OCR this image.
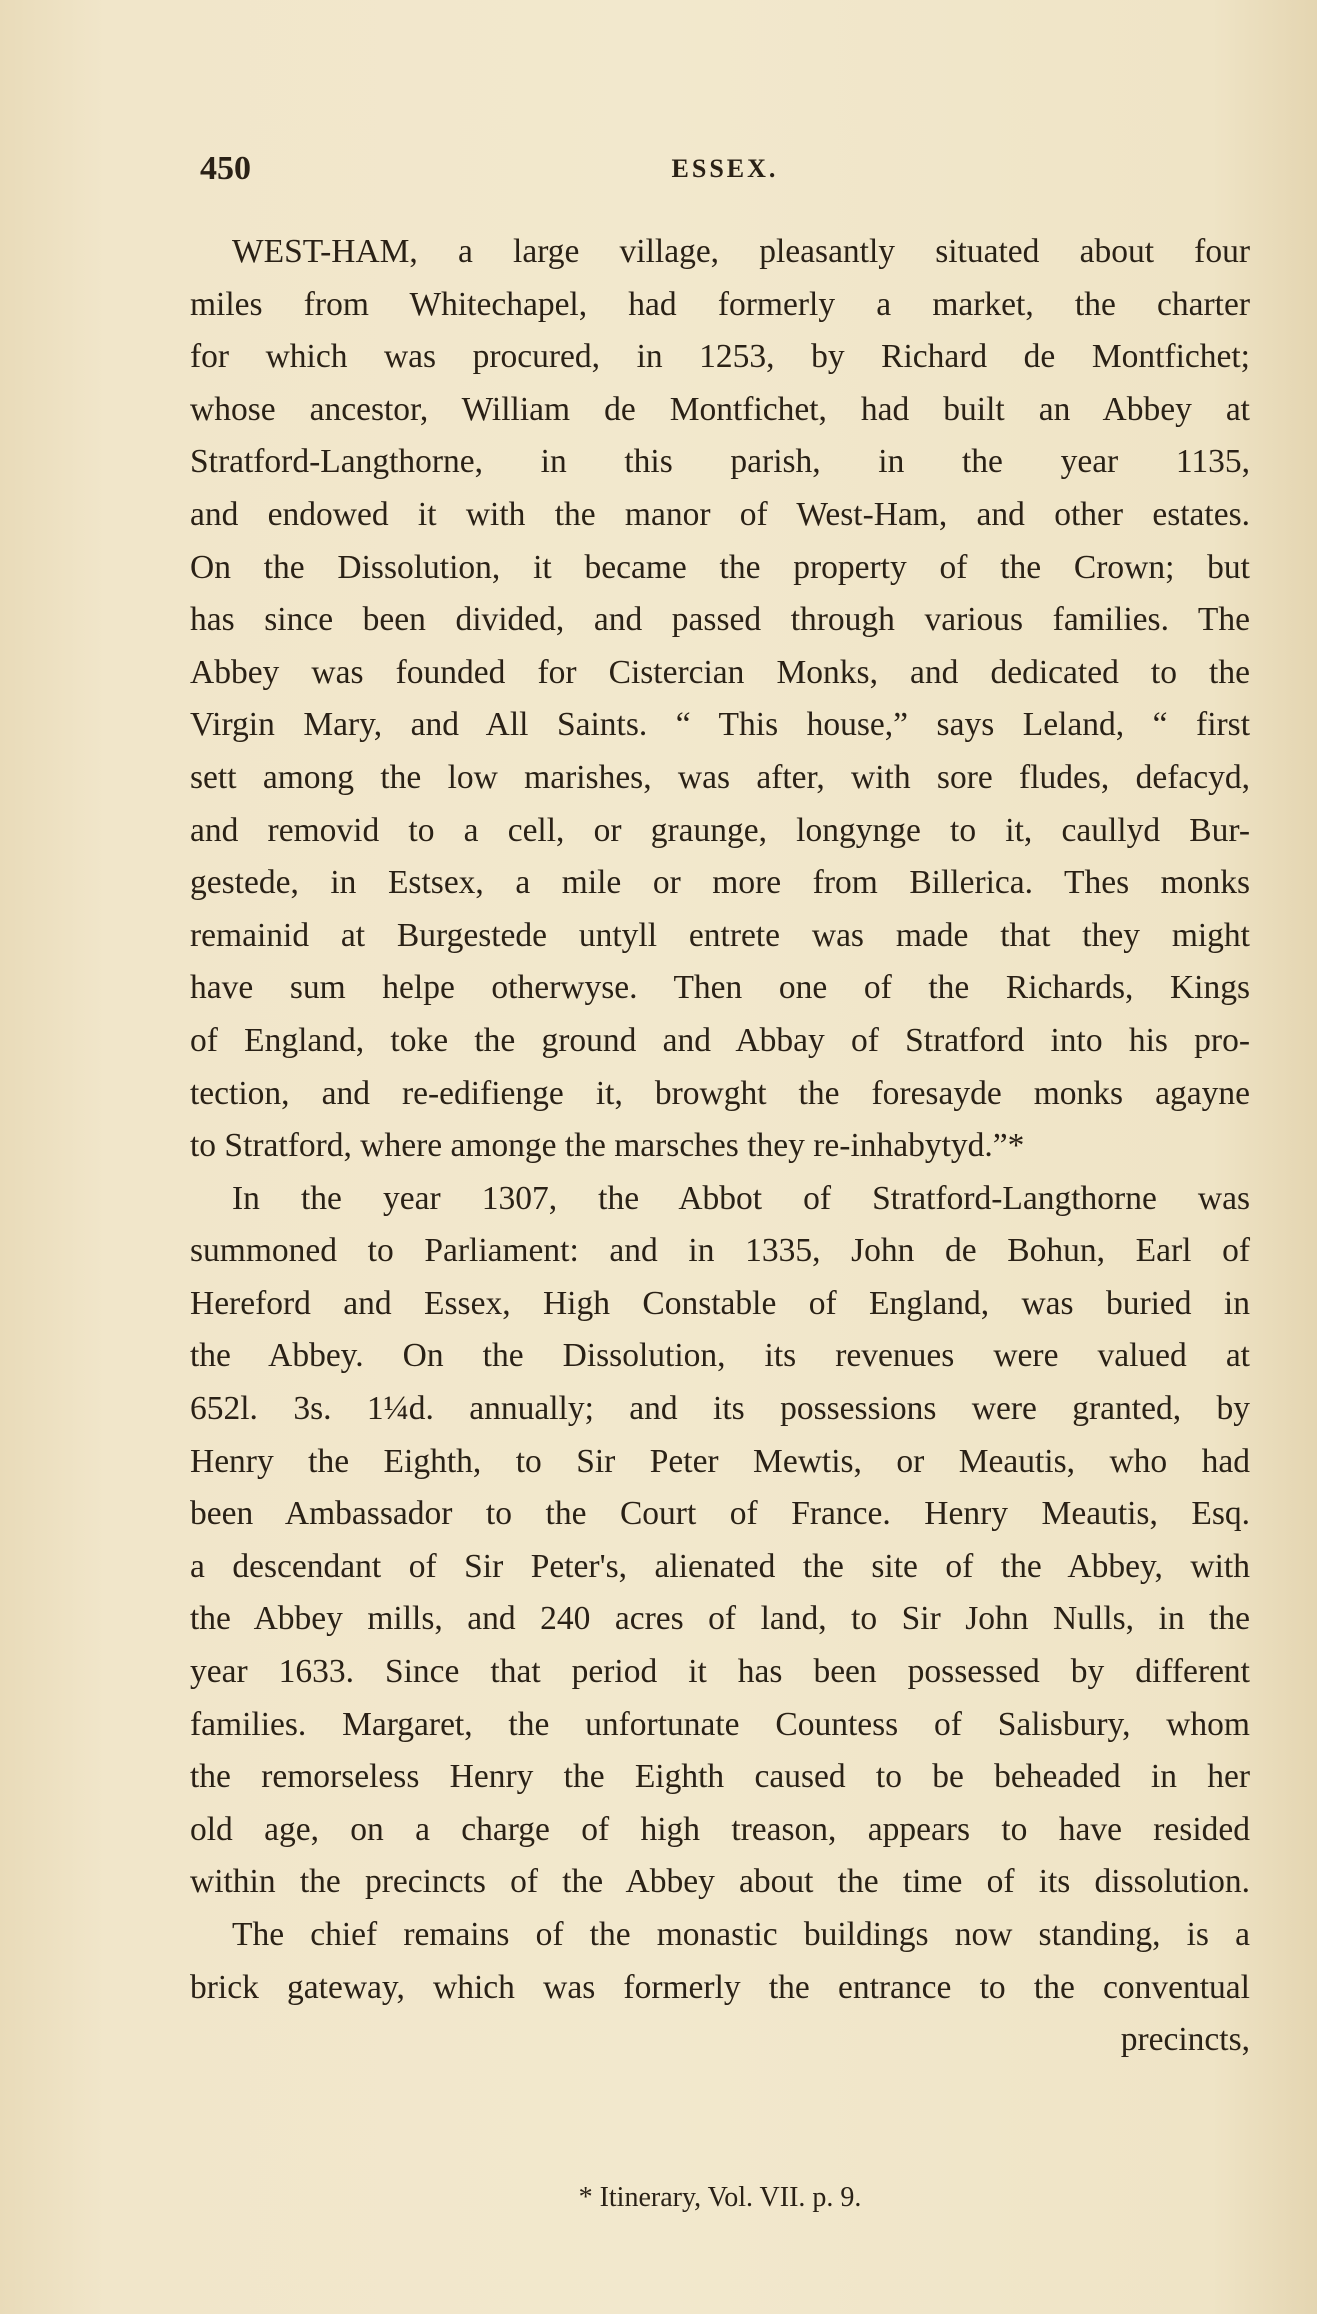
450	ESSEX.
WEST-HAM, a large village, pleasantly situated about four
miles from Whitechapel, had formerly a market, the charter
for which was procured, in 1253, by Richard de Montfichet;
whose ancestor, William de Montfichet, had built an Abbey at
Stratford-Langthorne, in this parish, in the year 1135,
and endowed it with the manor of West-Ham, and other estates.
On the Dissolution, it became the property of the Crown; but
has since been divided, and passed through various families. The
Abbey was founded for Cistercian Monks, and dedicated to the
Virgin Mary, and All Saints. “ This house,” says Leland, “ first
sett among the low marishes, was after, with sore fludes, defacyd,
and removid to a cell, or graunge, longynge to it, caullyd Bur-
gestede, in Estsex, a mile or more from Billerica. Thes monks
remainid at Burgestede untyll entrete was made that they might
have sum helpe otherwyse. Then one of the Richards, Kings
of England, toke the ground and Abbay of Stratford into his pro-
tection, and re-edifienge it, browght the foresayde monks agayne
to Stratford, where amonge the marsches they re-inhabytyd.”*
In the year 1307, the Abbot of Stratford-Langthorne was
summoned to Parliament: and in 1335, John de Bohun, Earl of
Hereford and Essex, High Constable of England, was buried in
the Abbey. On the Dissolution, its revenues were valued at
652l. 3s. 1¼d. annually; and its possessions were granted, by
Henry the Eighth, to Sir Peter Mewtis, or Meautis, who had
been Ambassador to the Court of France. Henry Meautis, Esq.
a descendant of Sir Peter's, alienated the site of the Abbey, with
the Abbey mills, and 240 acres of land, to Sir John Nulls, in the
year 1633. Since that period it has been possessed by different
families. Margaret, the unfortunate Countess of Salisbury, whom
the remorseless Henry the Eighth caused to be beheaded in her
old age, on a charge of high treason, appears to have resided
within the precincts of the Abbey about the time of its dissolution.
The chief remains of the monastic buildings now standing, is a
brick gateway, which was formerly the entrance to the conventual
precincts,
* Itinerary, Vol. VII. p. 9.
